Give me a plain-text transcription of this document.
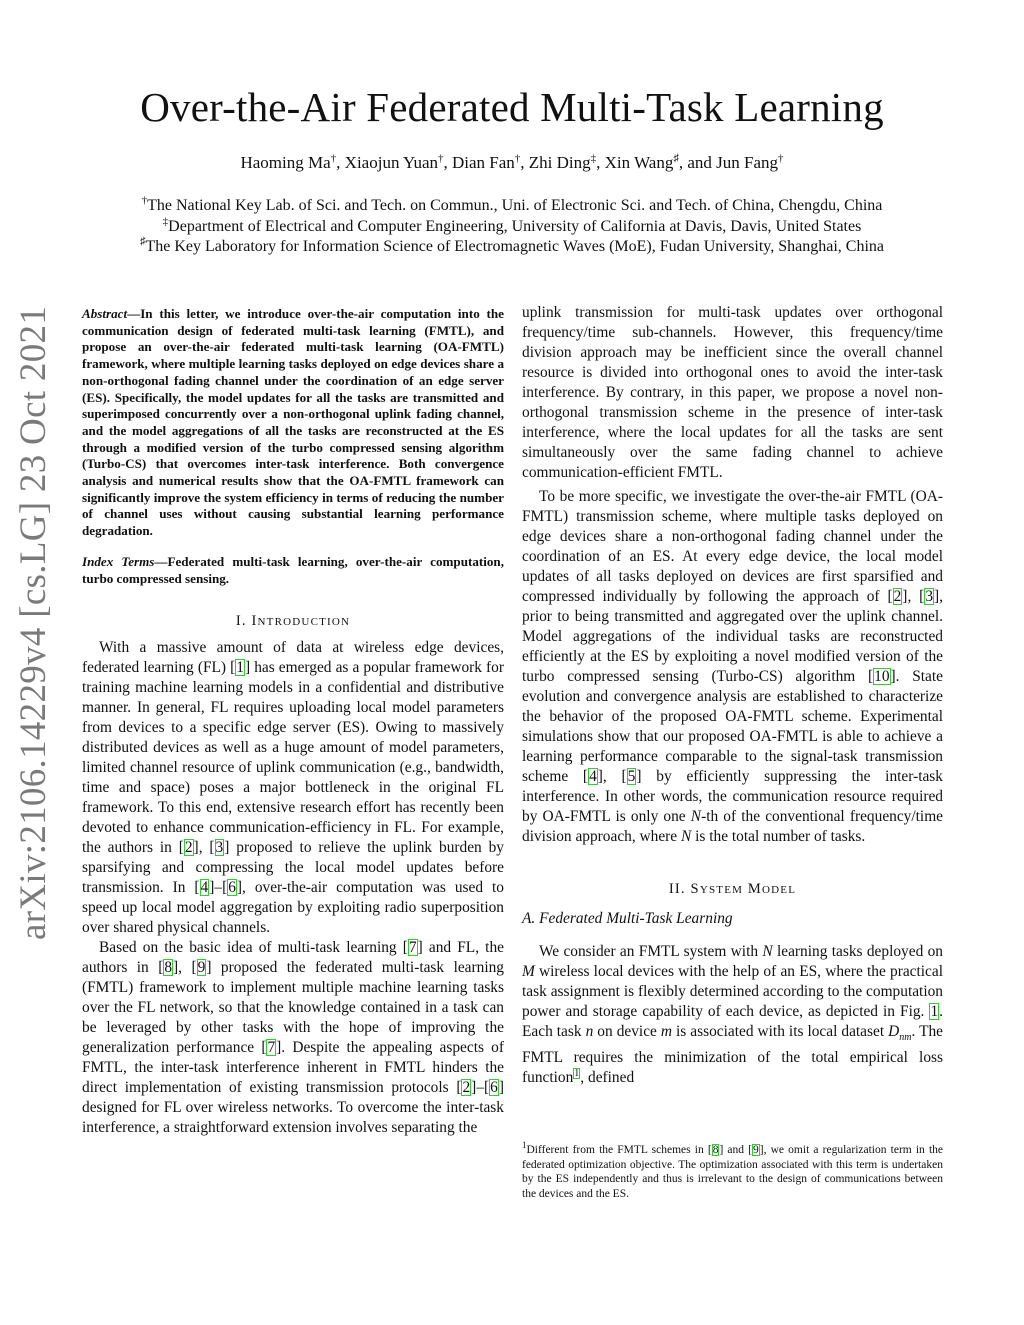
arXiv:2106.14229v4 [cs.LG] 23 Oct 2021
Over-the-Air Federated Multi-Task Learning
Haoming Ma†, Xiaojun Yuan†, Dian Fan†, Zhi Ding‡, Xin Wang♯, and Jun Fang†
†The National Key Lab. of Sci. and Tech. on Commun., Uni. of Electronic Sci. and Tech. of China, Chengdu, China
‡Department of Electrical and Computer Engineering, University of California at Davis, Davis, United States
♯The Key Laboratory for Information Science of Electromagnetic Waves (MoE), Fudan University, Shanghai, China

Abstract—In this letter, we introduce over-the-air computation into the communication design of federated multi-task learning (FMTL), and propose an over-the-air federated multi-task learning (OA-FMTL) framework, where multiple learning tasks deployed on edge devices share a non-orthogonal fading channel under the coordination of an edge server (ES). Specifically, the model updates for all the tasks are transmitted and superimposed concurrently over a non-orthogonal uplink fading channel, and the model aggregations of all the tasks are reconstructed at the ES through a modified version of the turbo compressed sensing algorithm (Turbo-CS) that overcomes inter-task interference. Both convergence analysis and numerical results show that the OA-FMTL framework can significantly improve the system efficiency in terms of reducing the number of channel uses without causing substantial learning performance degradation.

Index Terms—Federated multi-task learning, over-the-air computation, turbo compressed sensing.

I. INTRODUCTION

With a massive amount of data at wireless edge devices, federated learning (FL) [1] has emerged as a popular framework for training machine learning models in a confidential and distributive manner. In general, FL requires uploading local model parameters from devices to a specific edge server (ES). Owing to massively distributed devices as well as a huge amount of model parameters, limited channel resource of uplink communication (e.g., bandwidth, time and space) poses a major bottleneck in the original FL framework. To this end, extensive research effort has recently been devoted to enhance communication-efficiency in FL. For example, the authors in [2], [3] proposed to relieve the uplink burden by sparsifying and compressing the local model updates before transmission. In [4]–[6], over-the-air computation was used to speed up local model aggregation by exploiting radio superposition over shared physical channels.

Based on the basic idea of multi-task learning [7] and FL, the authors in [8], [9] proposed the federated multi-task learning (FMTL) framework to implement multiple machine learning tasks over the FL network, so that the knowledge contained in a task can be leveraged by other tasks with the hope of improving the generalization performance [7]. Despite the appealing aspects of FMTL, the inter-task interference inherent in FMTL hinders the direct implementation of existing transmission protocols [2]–[6] designed for FL over wireless networks. To overcome the inter-task interference, a straightforward extension involves separating the

uplink transmission for multi-task updates over orthogonal frequency/time sub-channels. However, this frequency/time division approach may be inefficient since the overall channel resource is divided into orthogonal ones to avoid the inter-task interference. By contrary, in this paper, we propose a novel non-orthogonal transmission scheme in the presence of inter-task interference, where the local updates for all the tasks are sent simultaneously over the same fading channel to achieve communication-efficient FMTL.

To be more specific, we investigate the over-the-air FMTL (OA-FMTL) transmission scheme, where multiple tasks deployed on edge devices share a non-orthogonal fading channel under the coordination of an ES. At every edge device, the local model updates of all tasks deployed on devices are first sparsified and compressed individually by following the approach of [2], [3], prior to being transmitted and aggregated over the uplink channel. Model aggregations of the individual tasks are reconstructed efficiently at the ES by exploiting a novel modified version of the turbo compressed sensing (Turbo-CS) algorithm [10]. State evolution and convergence analysis are established to characterize the behavior of the proposed OA-FMTL scheme. Experimental simulations show that our proposed OA-FMTL is able to achieve a learning performance comparable to the signal-task transmission scheme [4], [5] by efficiently suppressing the inter-task interference. In other words, the communication resource required by OA-FMTL is only one N-th of the conventional frequency/time division approach, where N is the total number of tasks.

II. SYSTEM MODEL
A. Federated Multi-Task Learning

We consider an FMTL system with N learning tasks deployed on M wireless local devices with the help of an ES, where the practical task assignment is flexibly determined according to the computation power and storage capability of each device, as depicted in Fig. 1. Each task n on device m is associated with its local dataset $D_{nm}$. The FMTL requires the minimization of the total empirical loss function$^1$, defined

$^1$Different from the FMTL schemes in [8] and [9], we omit a regularization term in the federated optimization objective. The optimization associated with this term is undertaken by the ES independently and thus is irrelevant to the design of communications between the devices and the ES.
